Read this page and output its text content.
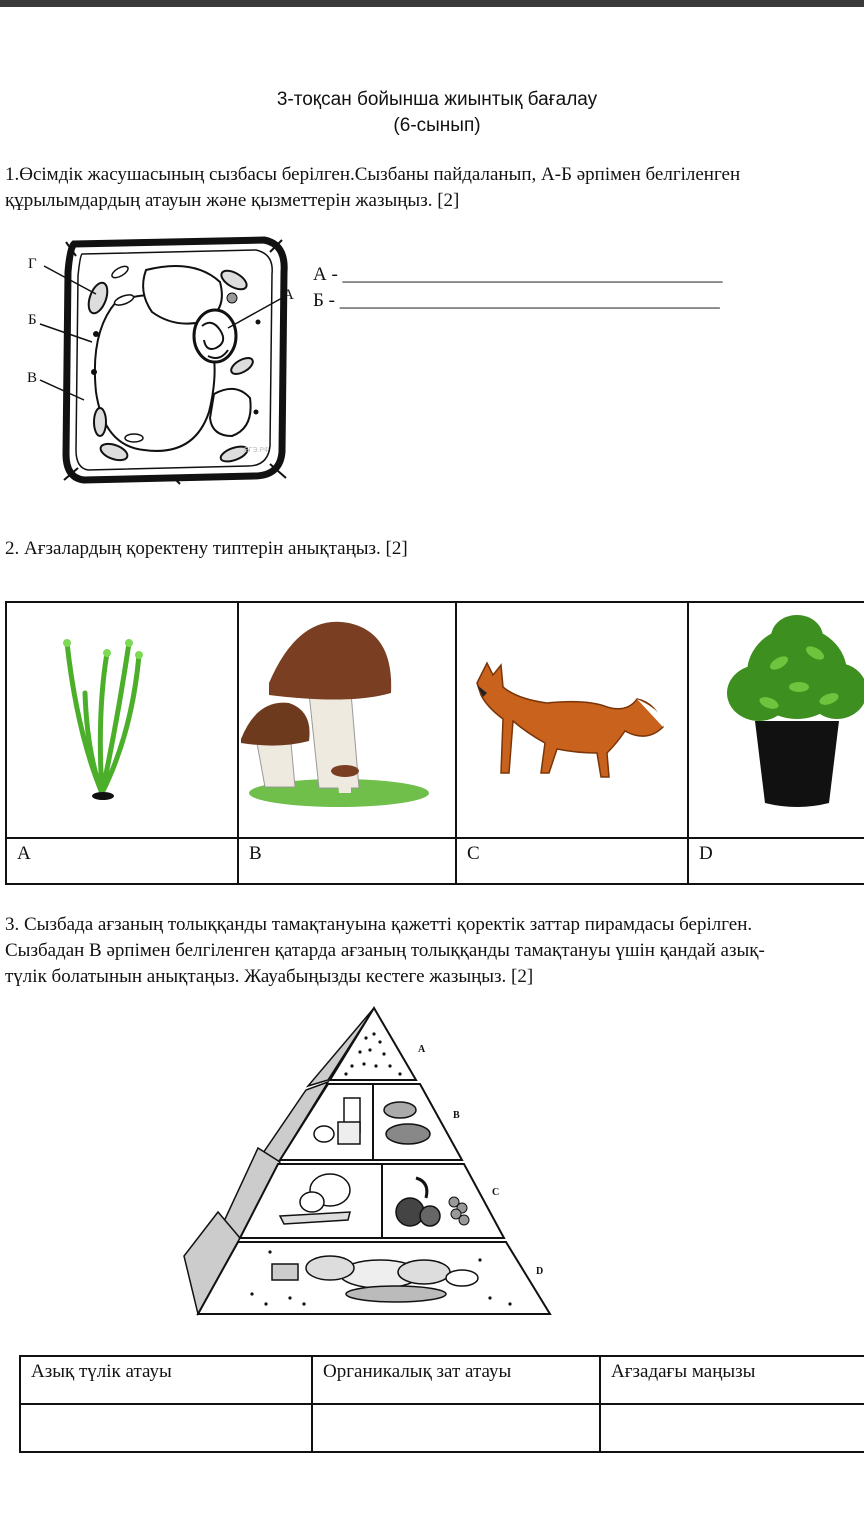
3-тоқсан бойынша жиынтық бағалау
(6-сынып)
1.Өсімдік жасушасының сызбасы берілген.Сызбаны пайдаланып, А-Б әрпімен белгіленген
құрылымдардың атауын және қызметтерін жазыңыз. [2]
Г
Б
В
А
ЕГЭ.РФ
А - ________________________________________
Б - ________________________________________
2. Ағзалардың қоректену типтерін анықтаңыз. [2]

A	B	C	D
3. Сызбада ағзаның толыққанды тамақтануына қажетті қоректік заттар пирамдасы берілген.
Сызбадан В әрпімен белгіленген қатарда ағзаның толыққанды тамақтануы үшін қандай азық-
түлік болатынын анықтаңыз. Жауабыңызды кестеге жазыңыз. [2]
A
B
C
D
Азық түлік атауы	Органикалық зат атауы	Ағзадағы маңызы
